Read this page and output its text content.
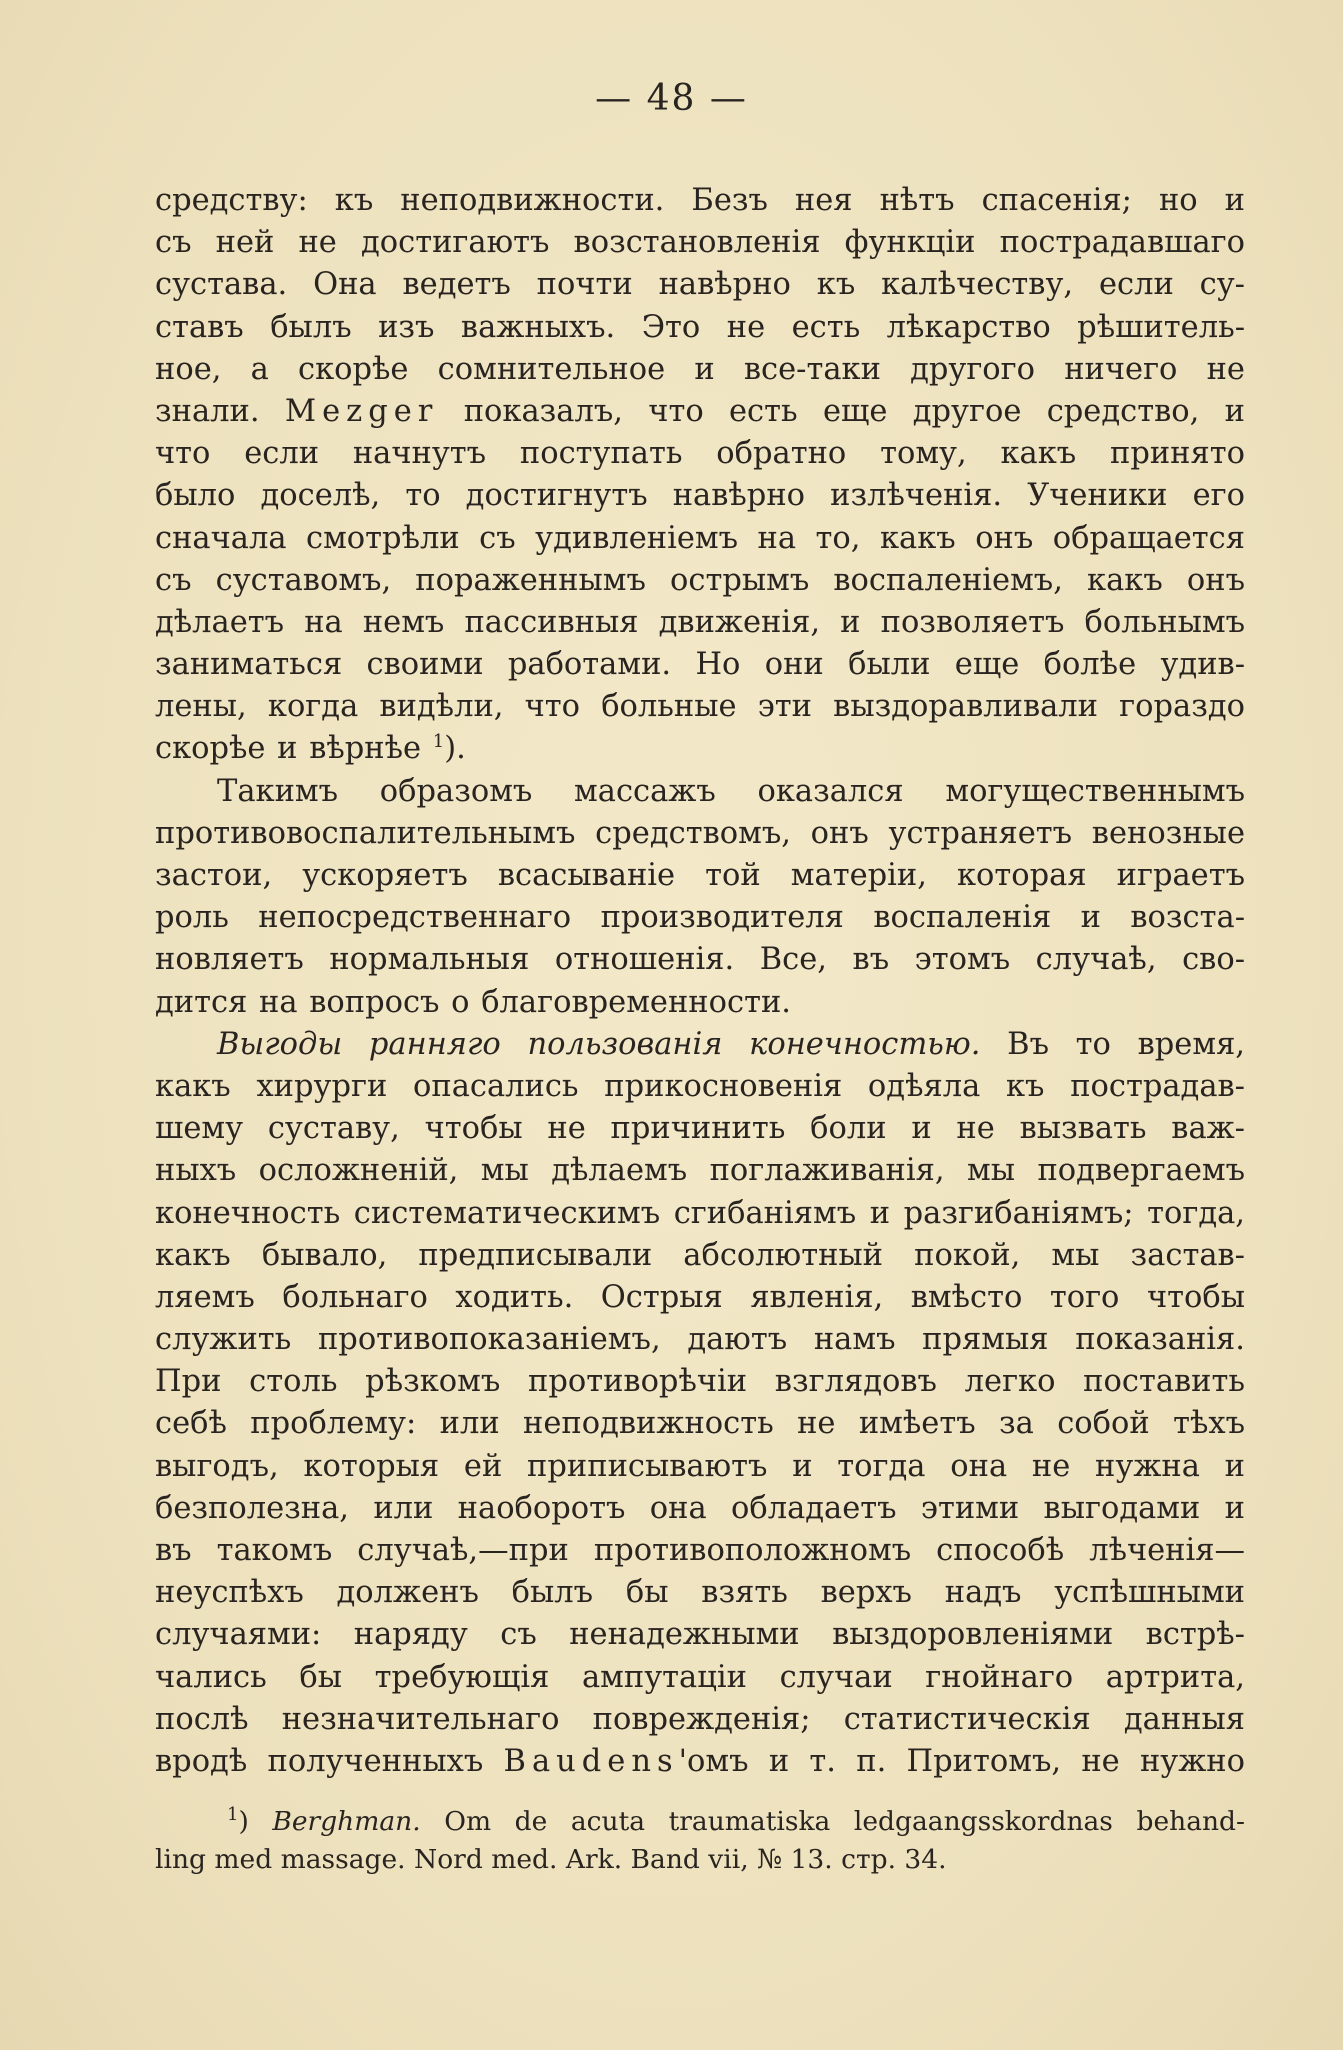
— 48 —
средству: къ неподвижности. Безъ нея нѣтъ спасенія; но и
съ ней не достигаютъ возстановленія функціи пострадавшаго
сустава. Она ведетъ почти навѣрно къ калѣчеству, если су-
ставъ былъ изъ важныхъ. Это не есть лѣкарство рѣшитель-
ное, а скорѣе сомнительное и все-таки другого ничего не
знали. Mezger показалъ, что есть еще другое средство, и
что если начнутъ поступать обратно тому, какъ принято
было доселѣ, то достигнутъ навѣрно излѣченія. Ученики его
сначала смотрѣли съ удивленіемъ на то, какъ онъ обращается
съ суставомъ, пораженнымъ острымъ воспаленіемъ, какъ онъ
дѣлаетъ на немъ пассивныя движенія, и позволяетъ больнымъ
заниматься своими работами. Но они были еще болѣе удив-
лены, когда видѣли, что больные эти выздоравливали гораздо
скорѣе и вѣрнѣе $^1$).
Такимъ образомъ массажъ оказался могущественнымъ
противовоспалительнымъ средствомъ, онъ устраняетъ венозные
застои, ускоряетъ всасываніе той матеріи, которая играетъ
роль непосредственнаго производителя воспаленія и возста-
новляетъ нормальныя отношенія. Все, въ этомъ случаѣ, сво-
дится на вопросъ о благовременности.
Выгоды ранняго пользованія конечностью. Въ то время,
какъ хирурги опасались прикосновенія одѣяла къ пострадав-
шему суставу, чтобы не причинить боли и не вызвать важ-
ныхъ осложненій, мы дѣлаемъ поглаживанія, мы подвергаемъ
конечность систематическимъ сгибаніямъ и разгибаніямъ; тогда,
какъ бывало, предписывали абсолютный покой, мы застав-
ляемъ больнаго ходить. Острыя явленія, вмѣсто того чтобы
служить противопоказаніемъ, даютъ намъ прямыя показанія.
При столь рѣзкомъ противорѣчіи взглядовъ легко поставить
себѣ проблему: или неподвижность не имѣетъ за собой тѣхъ
выгодъ, которыя ей приписываютъ и тогда она не нужна и
безполезна, или наоборотъ она обладаетъ этими выгодами и
въ такомъ случаѣ,—при противоположномъ способѣ лѣченія—
неуспѣхъ долженъ былъ бы взять верхъ надъ успѣшными
случаями: наряду съ ненадежными выздоровленіями встрѣ-
чались бы требующія ампутаціи случаи гнойнаго артрита,
послѣ незначительнаго поврежденія; статистическія данныя
вродѣ полученныхъ Baudens'омъ и т. п. Притомъ, не нужно
$^1$) Berghman. Om de acuta traumatiska ledgaangsskordnas behand-
ling med massage. Nord med. Ark. Band vii, № 13. стр. 34.
